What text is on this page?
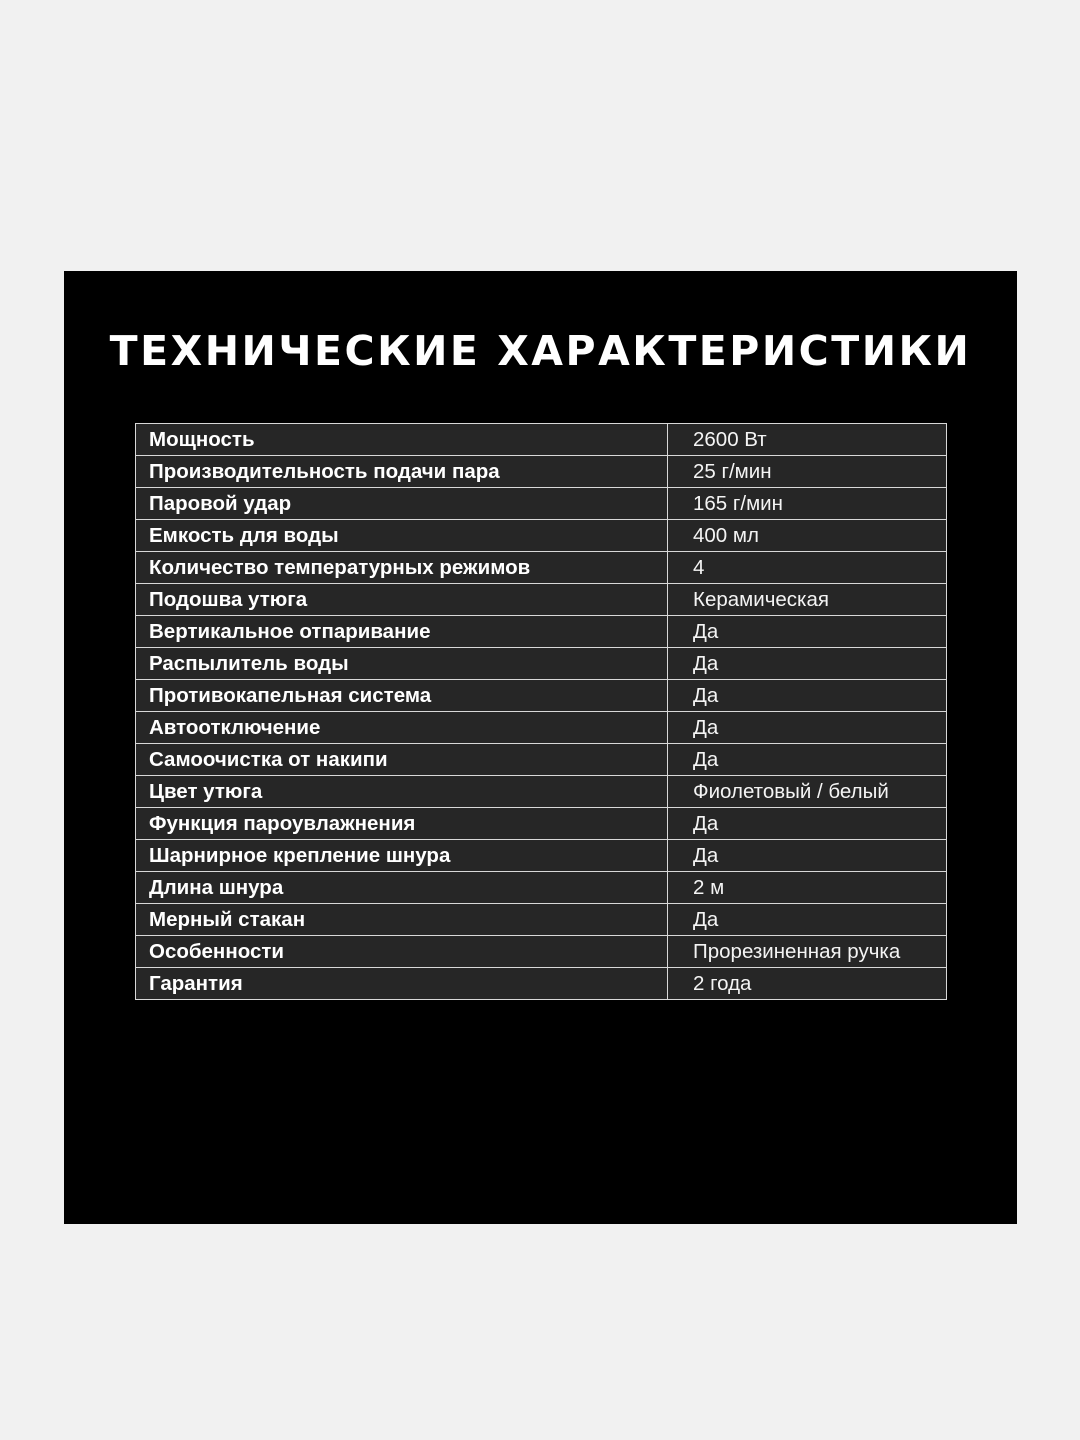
ТЕХНИЧЕСКИЕ ХАРАКТЕРИСТИКИ
Мощность	2600 Вт
Производительность подачи пара	25 г/мин
Паровой удар	165 г/мин
Емкость для воды	400 мл
Количество температурных режимов	4
Подошва утюга	Керамическая
Вертикальное отпаривание	Да
Распылитель воды	Да
Противокапельная система	Да
Автоотключение	Да
Самоочистка от накипи	Да
Цвет утюга	Фиолетовый / белый
Функция пароувлажнения	Да
Шарнирное крепление шнура	Да
Длина шнура	2 м
Мерный стакан	Да
Особенности	Прорезиненная ручка
Гарантия	2 года
